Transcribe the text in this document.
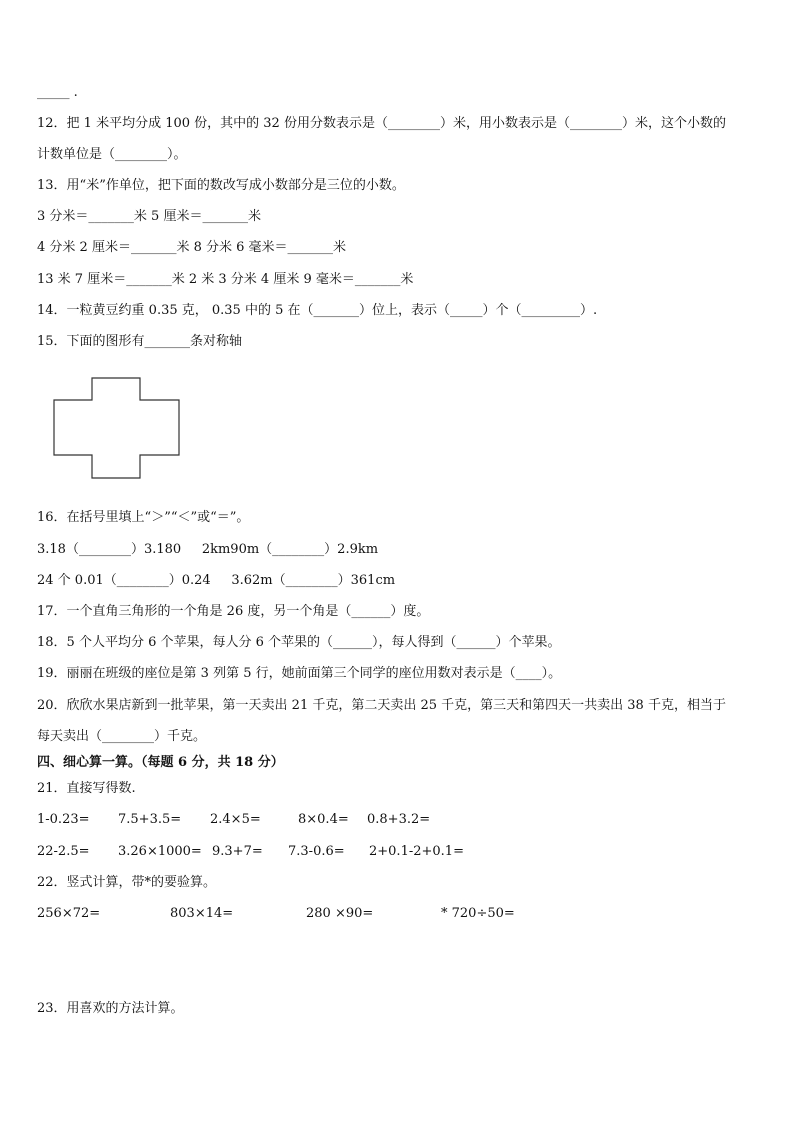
_____ .
12．把 1 米平均分成 100 份，其中的 32 份用分数表示是（________）米，用小数表示是（________）米，这个小数的
计数单位是（________）。
13．用“米”作单位，把下面的数改写成小数部分是三位的小数。
3 分米＝_______米 5 厘米＝_______米
4 分米 2 厘米＝_______米 8 分米 6 毫米＝_______米
13 米 7 厘米＝_______米 2 米 3 分米 4 厘米 9 毫米＝_______米
14．一粒黄豆约重 0.35 克， 0.35 中的 5 在（_______）位上，表示（_____）个（_________）.
15．下面的图形有_______条对称轴
16．在括号里填上“＞”“＜”或“＝”。
3.18（________）3.180     2km90m（________）2.9km
24 个 0.01（________）0.24     3.62m（________）361cm
17．一个直角三角形的一个角是 26 度，另一个角是（______）度。
18．5 个人平均分 6 个苹果，每人分 6 个苹果的（______），每人得到（______）个苹果。
19．丽丽在班级的座位是第 3 列第 5 行，她前面第三个同学的座位用数对表示是（____）。
20．欣欣水果店新到一批苹果，第一天卖出 21 千克，第二天卖出 25 千克，第三天和第四天一共卖出 38 千克，相当于
每天卖出（________）千克。
四、细心算一算。（每题 6 分，共 18 分）
21．直接写得数.
1-0.23= 7.5+3.5= 2.4×5=	8×0.4= 0.8+3.2=
22-2.5= 3.26×1000= 9.3+7= 7.3-0.6= 2+0.1-2+0.1=
22．竖式计算，带*的要验算。
256×72=	803×14=	280 ×90=	* 720÷50=
23．用喜欢的方法计算。
